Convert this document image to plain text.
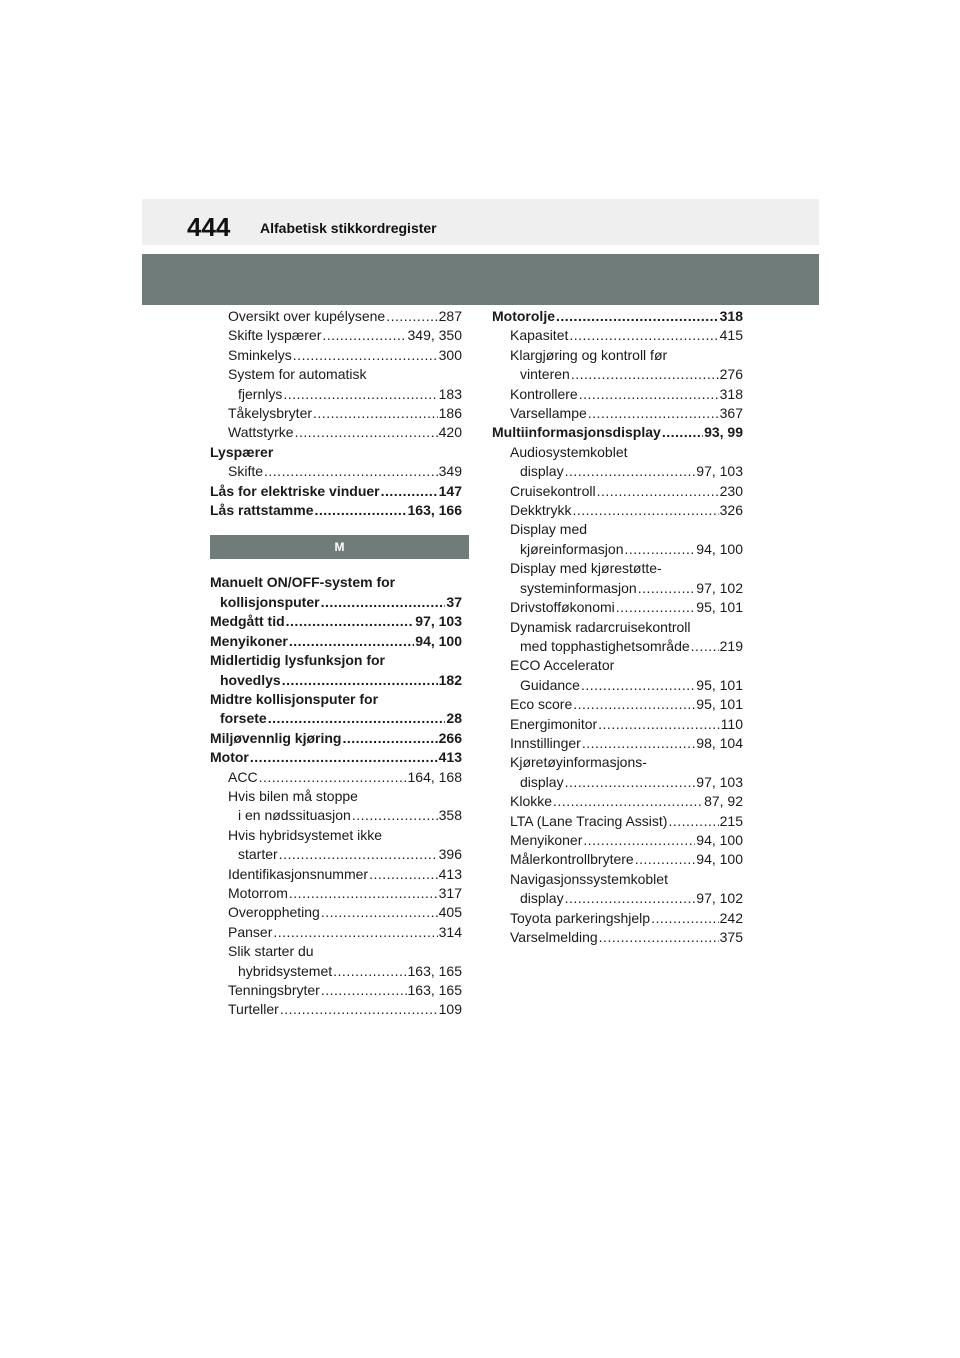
444 Alfabetisk stikkordregister
Oversikt over kupélysene .....	287
Skifte lyspærer .....	349, 350
Sminkelys .....	300
System for automatisk
fjernlys .....	183
Tåkelysbryter .....	186
Wattstyrke .....	420
Lyspærer
Skifte .....	349
Lås for elektriske vinduer .....	147
Lås rattstamme .....	163, 166
M
Manuelt ON/OFF-system for
kollisjonsputer .....	37
Medgått tid .....	97, 103
Menyikoner .....	94, 100
Midlertidig lysfunksjon for
hovedlys .....	182
Midtre kollisjonsputer for
forsete .....	28
Miljøvennlig kjøring .....	266
Motor .....	413
ACC .....	164, 168
Hvis bilen må stoppe
i en nødssituasjon .....	358
Hvis hybridsystemet ikke
starter .....	396
Identifikasjonsnummer .....	413
Motorrom .....	317
Overoppheting .....	405
Panser .....	314
Slik starter du
hybridsystemet .....	163, 165
Tenningsbryter .....	163, 165
Turteller .....	109
Motorolje .....	318
Kapasitet .....	415
Klargjøring og kontroll før
vinteren .....	276
Kontrollere .....	318
Varsellampe .....	367
Multiinformasjonsdisplay .....	93, 99
Audiosystemkoblet
display .....	97, 103
Cruisekontroll .....	230
Dekktrykk .....	326
Display med
kjøreinformasjon .....	94, 100
Display med kjørestøtte-
systeminformasjon .....	97, 102
Drivstofføkonomi .....	95, 101
Dynamisk radarcruisekontroll
med topphastighetsområde ..... 219
ECO Accelerator
Guidance .....	95, 101
Eco score .....	95, 101
Energimonitor .....	110
Innstillinger .....	98, 104
Kjøretøyinformasjons-
display .....	97, 103
Klokke .....	87, 92
LTA (Lane Tracing Assist) .....	215
Menyikoner .....	94, 100
Målerkontrollbrytere .....	94, 100
Navigasjonssystemkoblet
display .....	97, 102
Toyota parkeringshjelp .....	242
Varselmelding .....	375
